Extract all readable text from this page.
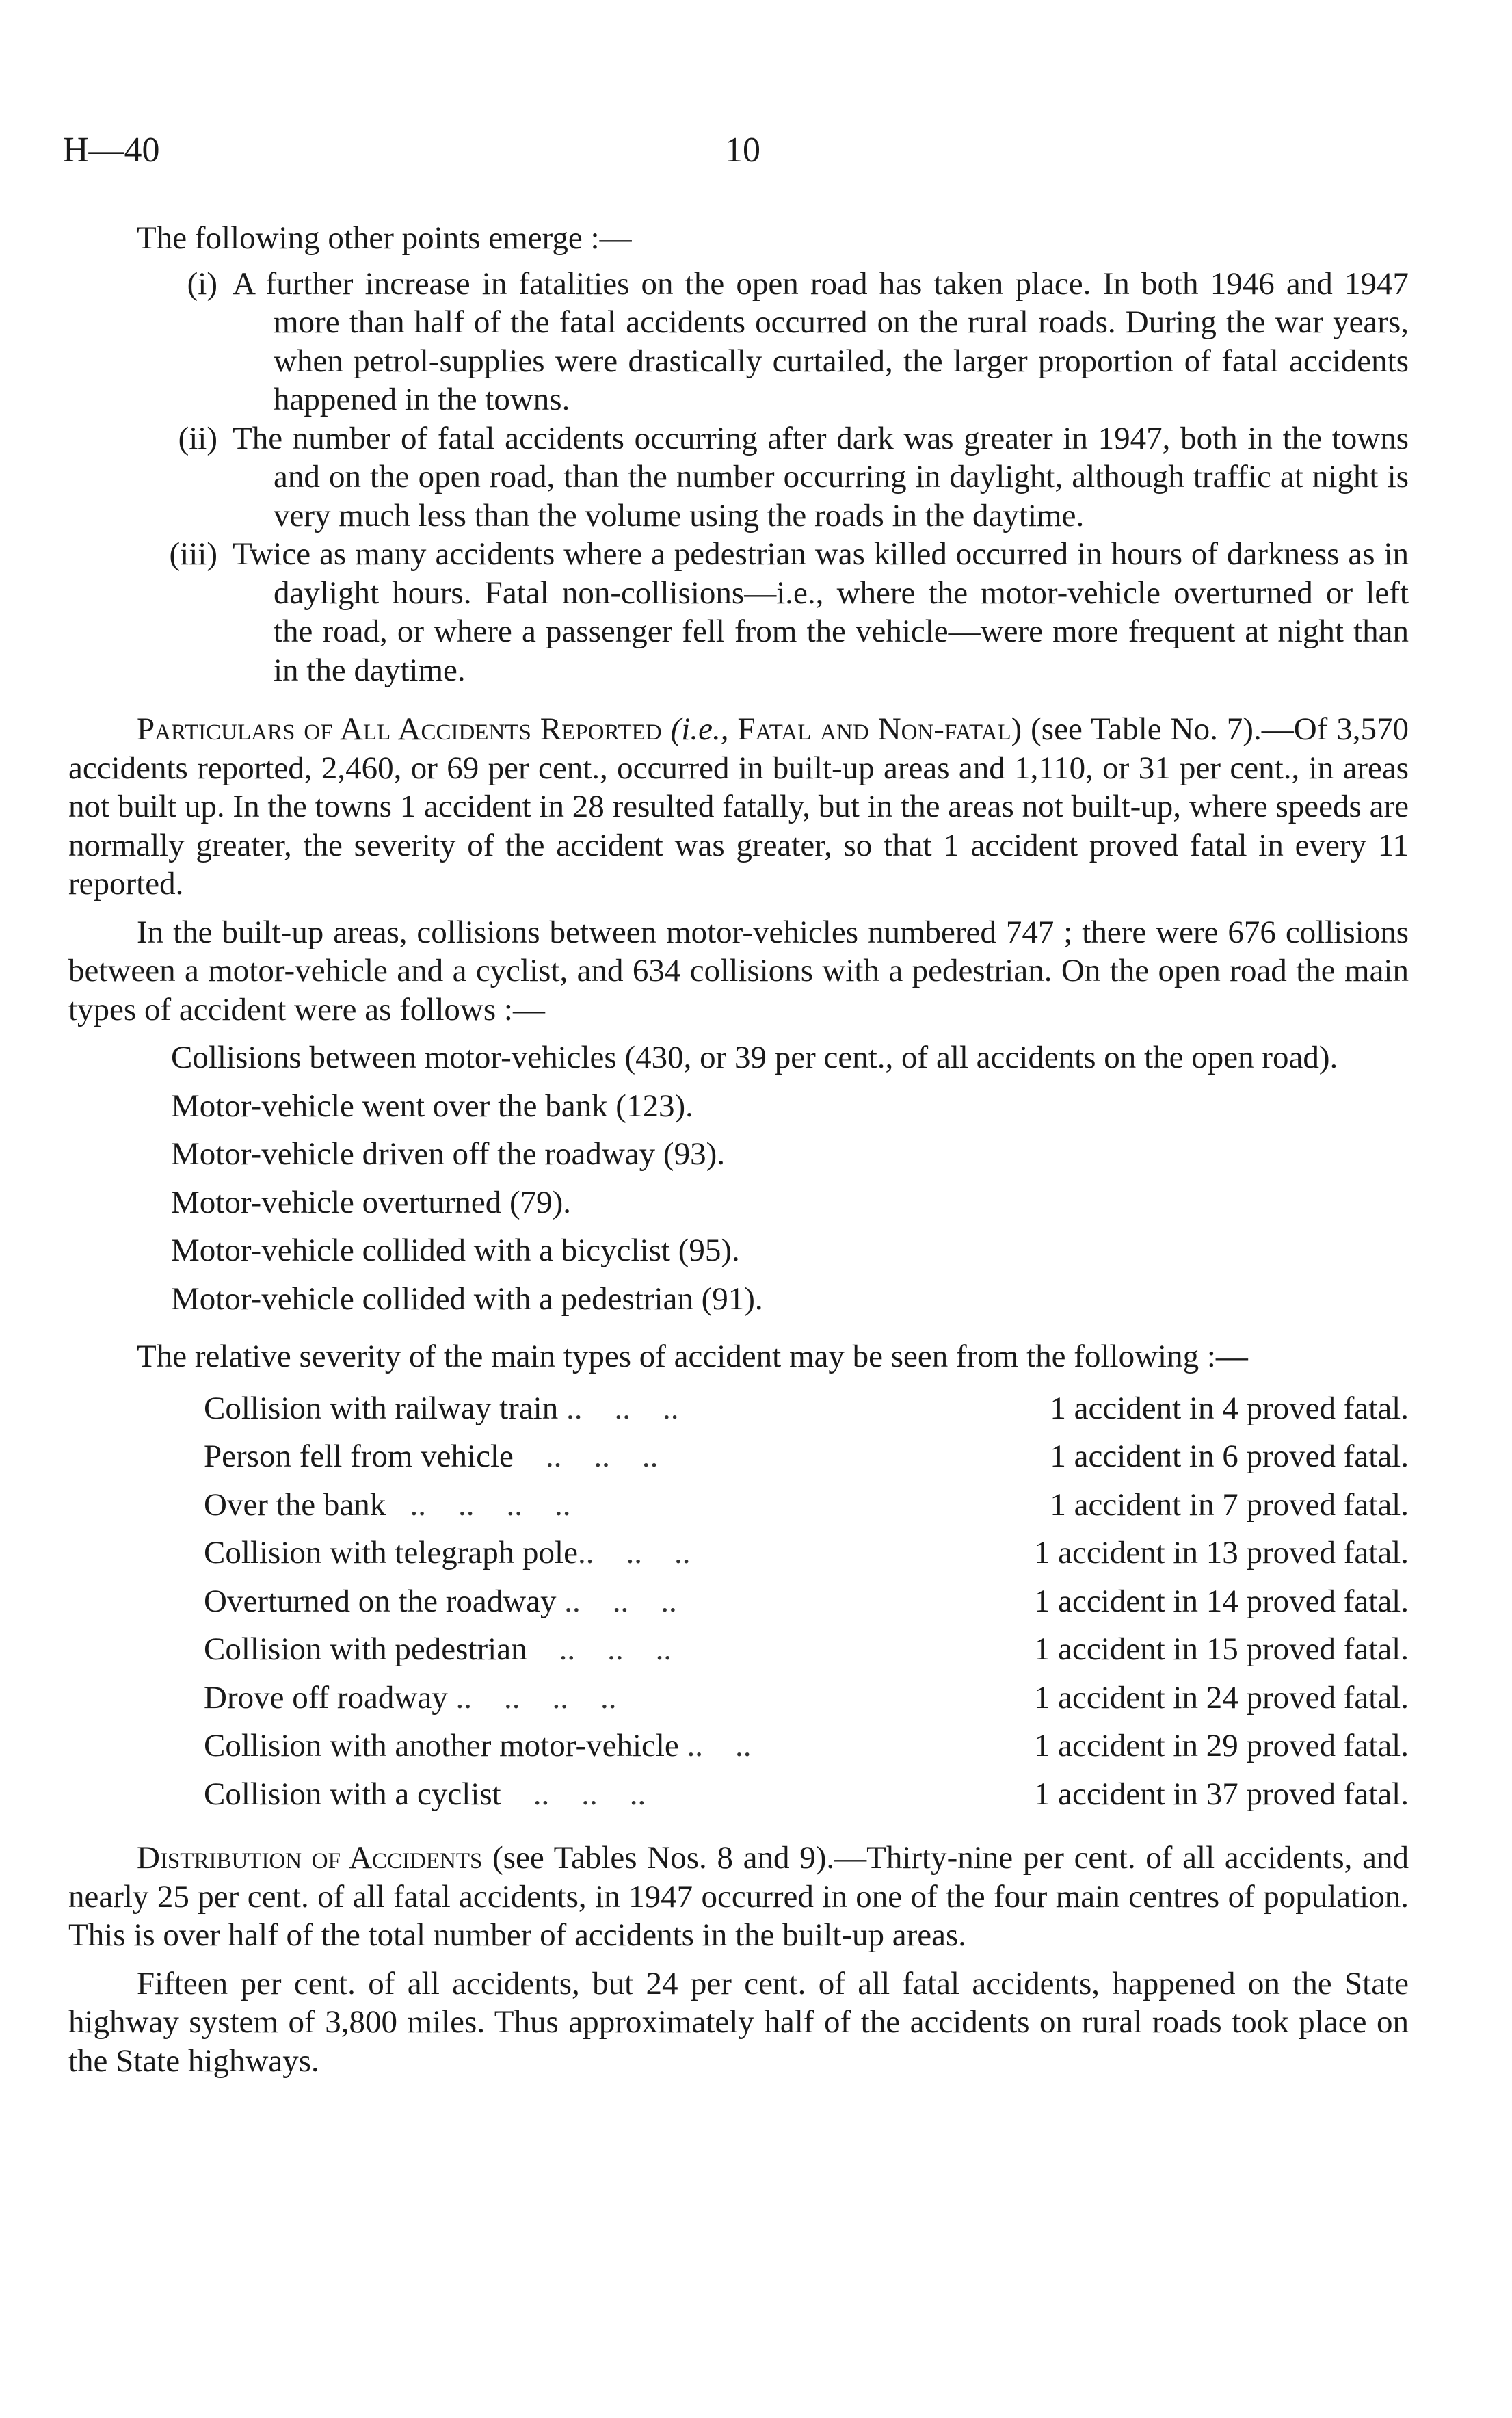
H—40	10

The following other points emerge :—

(i) A further increase in fatalities on the open road has taken place. In both 1946 and 1947 more than half of the fatal accidents occurred on the rural roads. During the war years, when petrol-supplies were drastically curtailed, the larger proportion of fatal accidents happened in the towns.
(ii) The number of fatal accidents occurring after dark was greater in 1947, both in the towns and on the open road, than the number occurring in daylight, although traffic at night is very much less than the volume using the roads in the daytime.
(iii) Twice as many accidents where a pedestrian was killed occurred in hours of darkness as in daylight hours. Fatal non-collisions—i.e., where the motor-vehicle overturned or left the road, or where a passenger fell from the vehicle—were more frequent at night than in the daytime.

Particulars of All Accidents Reported (i.e., Fatal and Non-fatal) (see Table No. 7).—Of 3,570 accidents reported, 2,460, or 69 per cent., occurred in built-up areas and 1,110, or 31 per cent., in areas not built up. In the towns 1 accident in 28 resulted fatally, but in the areas not built-up, where speeds are normally greater, the severity of the accident was greater, so that 1 accident proved fatal in every 11 reported.

In the built-up areas, collisions between motor-vehicles numbered 747 ; there were 676 collisions between a motor-vehicle and a cyclist, and 634 collisions with a pedestrian. On the open road the main types of accident were as follows :—

Collisions between motor-vehicles (430, or 39 per cent., of all accidents on the open road).
Motor-vehicle went over the bank (123).
Motor-vehicle driven off the roadway (93).
Motor-vehicle overturned (79).
Motor-vehicle collided with a bicyclist (95).
Motor-vehicle collided with a pedestrian (91).

The relative severity of the main types of accident may be seen from the following :—

Collision with railway train ..    ..    ..	1 accident in 4 proved fatal.
Person fell from vehicle    ..    ..    ..	1 accident in 6 proved fatal.
Over the bank   ..    ..    ..    ..	1 accident in 7 proved fatal.
Collision with telegraph pole..    ..    ..	1 accident in 13 proved fatal.
Overturned on the roadway ..    ..    ..	1 accident in 14 proved fatal.
Collision with pedestrian    ..    ..    ..	1 accident in 15 proved fatal.
Drove off roadway ..    ..    ..    ..	1 accident in 24 proved fatal.
Collision with another motor-vehicle ..    ..	1 accident in 29 proved fatal.
Collision with a cyclist    ..    ..    ..	1 accident in 37 proved fatal.

Distribution of Accidents (see Tables Nos. 8 and 9).—Thirty-nine per cent. of all accidents, and nearly 25 per cent. of all fatal accidents, in 1947 occurred in one of the four main centres of population. This is over half of the total number of accidents in the built-up areas.

Fifteen per cent. of all accidents, but 24 per cent. of all fatal accidents, happened on the State highway system of 3,800 miles. Thus approximately half of the accidents on rural roads took place on the State highways.
